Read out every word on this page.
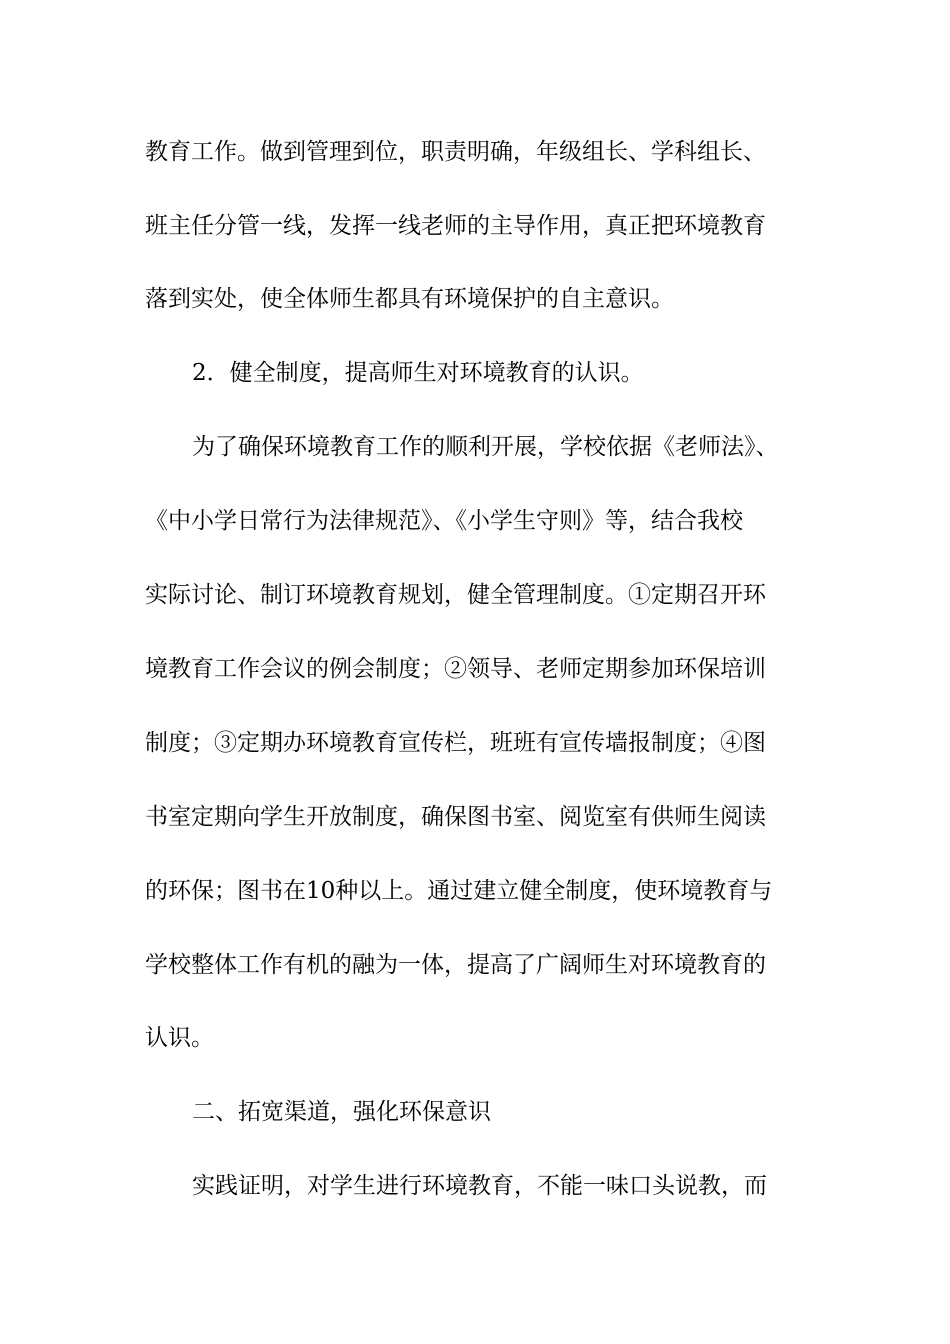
教育工作。做到管理到位，职责明确，年级组长、学科组长、
班主任分管一线，发挥一线老师的主导作用，真正把环境教育
落到实处，使全体师生都具有环境保护的自主意识。
2．健全制度，提高师生对环境教育的认识。
为了确保环境教育工作的顺利开展，学校依据《老师法》、
《中小学日常行为法律规范》、《小学生守则》等，结合我校
实际讨论、制订环境教育规划，健全管理制度。①定期召开环
境教育工作会议的例会制度；②领导、老师定期参加环保培训
制度；③定期办环境教育宣传栏，班班有宣传墙报制度；④图
书室定期向学生开放制度，确保图书室、阅览室有供师生阅读
的环保；图书在10种以上。通过建立健全制度，使环境教育与
学校整体工作有机的融为一体，提高了广阔师生对环境教育的
认识。
二、拓宽渠道，强化环保意识
实践证明，对学生进行环境教育，不能一味口头说教，而
